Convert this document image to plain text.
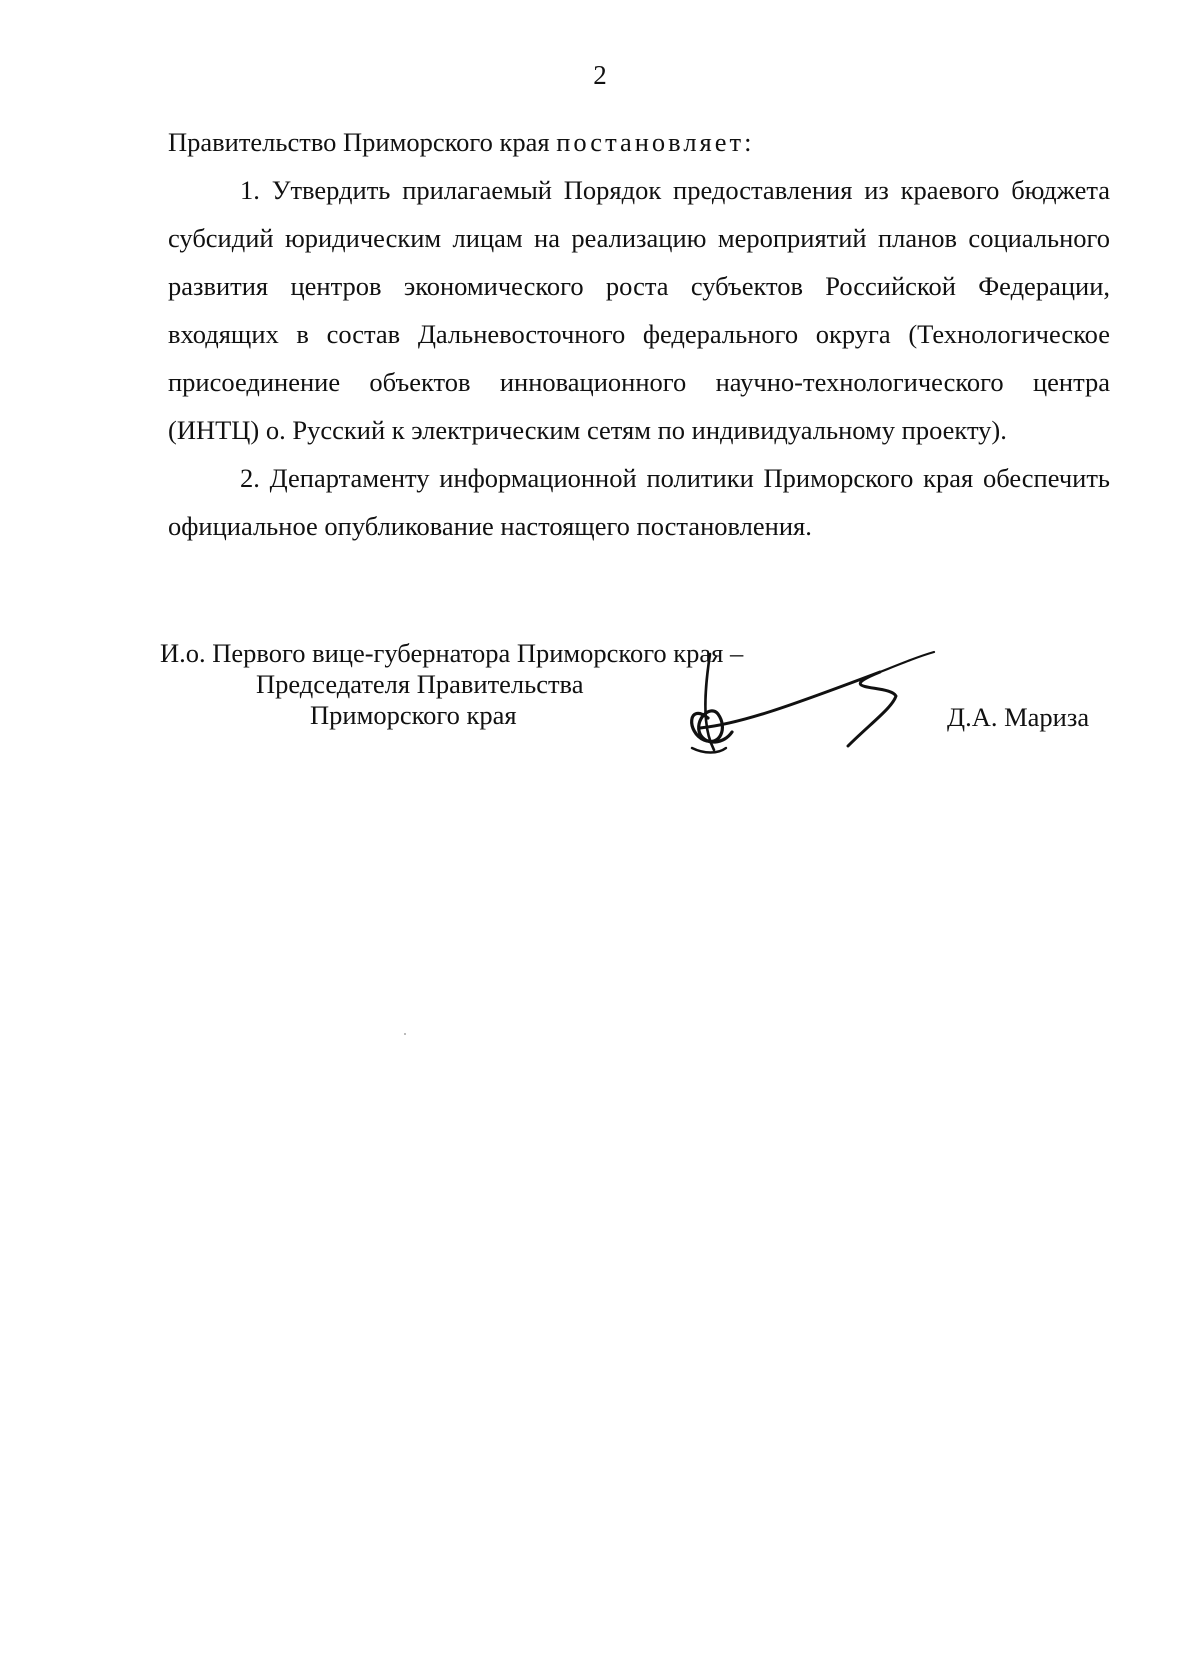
2

Правительство Приморского края постановляет:

1. Утвердить прилагаемый Порядок предоставления из краевого бюджета субсидий юридическим лицам на реализацию мероприятий планов социального развития центров экономического роста субъектов Российской Федерации, входящих в состав Дальневосточного федерального округа (Технологическое присоединение объектов инновационного научно-технологического центра (ИНТЦ) о. Русский к электрическим сетям по индивидуальному проекту).

2. Департаменту информационной политики Приморского края обеспечить официальное опубликование настоящего постановления.

И.о. Первого вице-губернатора Приморского края –
Председателя Правительства
Приморского края	Д.А. Мариза
